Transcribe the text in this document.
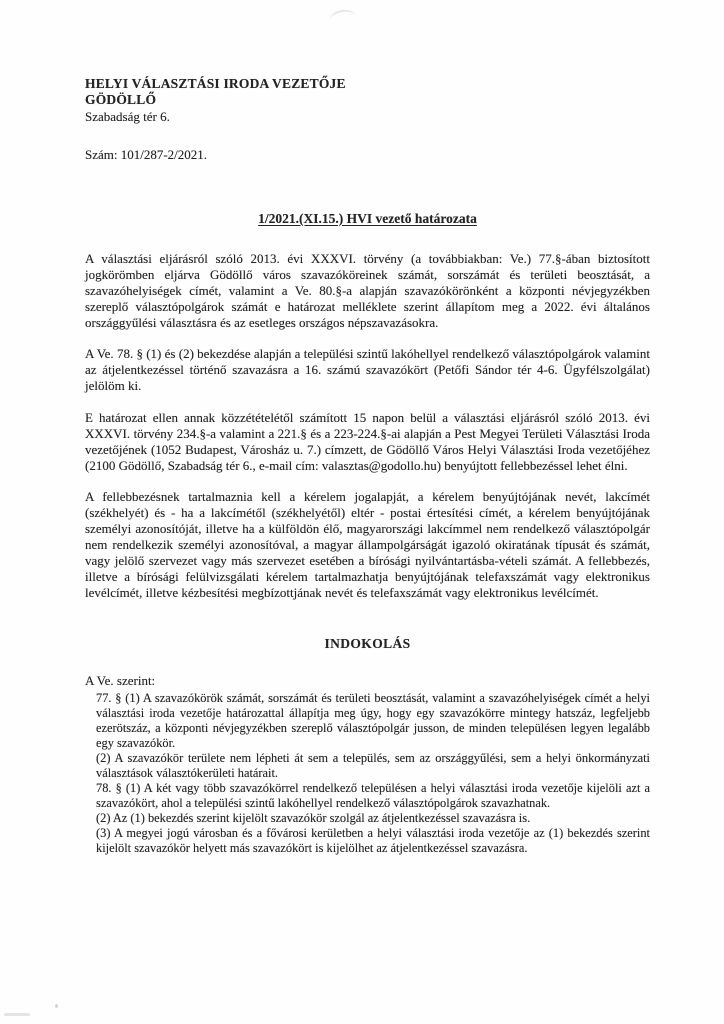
HELYI VÁLASZTÁSI IRODA VEZETŐJE

GÖDÖLLŐ

Szabadság tér 6.

Szám: 101/287-2/2021.

1/2021.(XI.15.) HVI vezető határozata

A választási eljárásról szóló 2013. évi XXXVI. törvény (a továbbiakban: Ve.) 77.§-ában biztosított jogkörömben eljárva Gödöllő város szavazóköreinek számát, sorszámát és területi beosztását, a szavazóhelyiségek címét, valamint a Ve. 80.§-a alapján szavazókörönként a központi névjegyzékben szereplő választópolgárok számát e határozat melléklete szerint állapítom meg a 2022. évi általános országgyűlési választásra és az esetleges országos népszavazásokra.

A Ve. 78. § (1) és (2) bekezdése alapján a települési szintű lakóhellyel rendelkező választópolgárok valamint az átjelentkezéssel történő szavazásra a 16. számú szavazókört (Petőfi Sándor tér 4-6. Ügyfélszolgálat) jelölöm ki.

E határozat ellen annak közzétételétől számított 15 napon belül a választási eljárásról szóló 2013. évi XXXVI. törvény 234.§-a valamint a 221.§ és a 223-224.§-ai alapján a Pest Megyei Területi Választási Iroda vezetőjének (1052 Budapest, Városház u. 7.) címzett, de Gödöllő Város Helyi Választási Iroda vezetőjéhez (2100 Gödöllő, Szabadság tér 6., e-mail cím: valasztas@godollo.hu) benyújtott fellebbezéssel lehet élni.

A fellebbezésnek tartalmaznia kell a kérelem jogalapját, a kérelem benyújtójának nevét, lakcímét (székhelyét) és - ha a lakcímétől (székhelyétől) eltér - postai értesítési címét, a kérelem benyújtójának személyi azonosítóját, illetve ha a külföldön élő, magyarországi lakcímmel nem rendelkező választópolgár nem rendelkezik személyi azonosítóval, a magyar állampolgárságát igazoló okiratának típusát és számát, vagy jelölő szervezet vagy más szervezet esetében a bírósági nyilvántartásba-vételi számát. A fellebbezés, illetve a bírósági felülvizsgálati kérelem tartalmazhatja benyújtójának telefaxszámát vagy elektronikus levélcímét, illetve kézbesítési megbízottjának nevét és telefaxszámát vagy elektronikus levélcímét.

INDOKOLÁS

A Ve. szerint:

77. § (1) A szavazókörök számát, sorszámát és területi beosztását, valamint a szavazóhelyiségek címét a helyi választási iroda vezetője határozattal állapítja meg úgy, hogy egy szavazókörre mintegy hatszáz, legfeljebb ezerötszáz, a központi névjegyzékben szereplő választópolgár jusson, de minden településen legyen legalább egy szavazókör.

(2) A szavazókör területe nem lépheti át sem a település, sem az országgyűlési, sem a helyi önkormányzati választások választókerületi határait.

78. § (1) A két vagy több szavazókörrel rendelkező településen a helyi választási iroda vezetője kijelöli azt a szavazókört, ahol a települési szintű lakóhellyel rendelkező választópolgárok szavazhatnak.

(2) Az (1) bekezdés szerint kijelölt szavazókör szolgál az átjelentkezéssel szavazásra is.

(3) A megyei jogú városban és a fővárosi kerületben a helyi választási iroda vezetője az (1) bekezdés szerint kijelölt szavazókör helyett más szavazókört is kijelölhet az átjelentkezéssel szavazásra.
